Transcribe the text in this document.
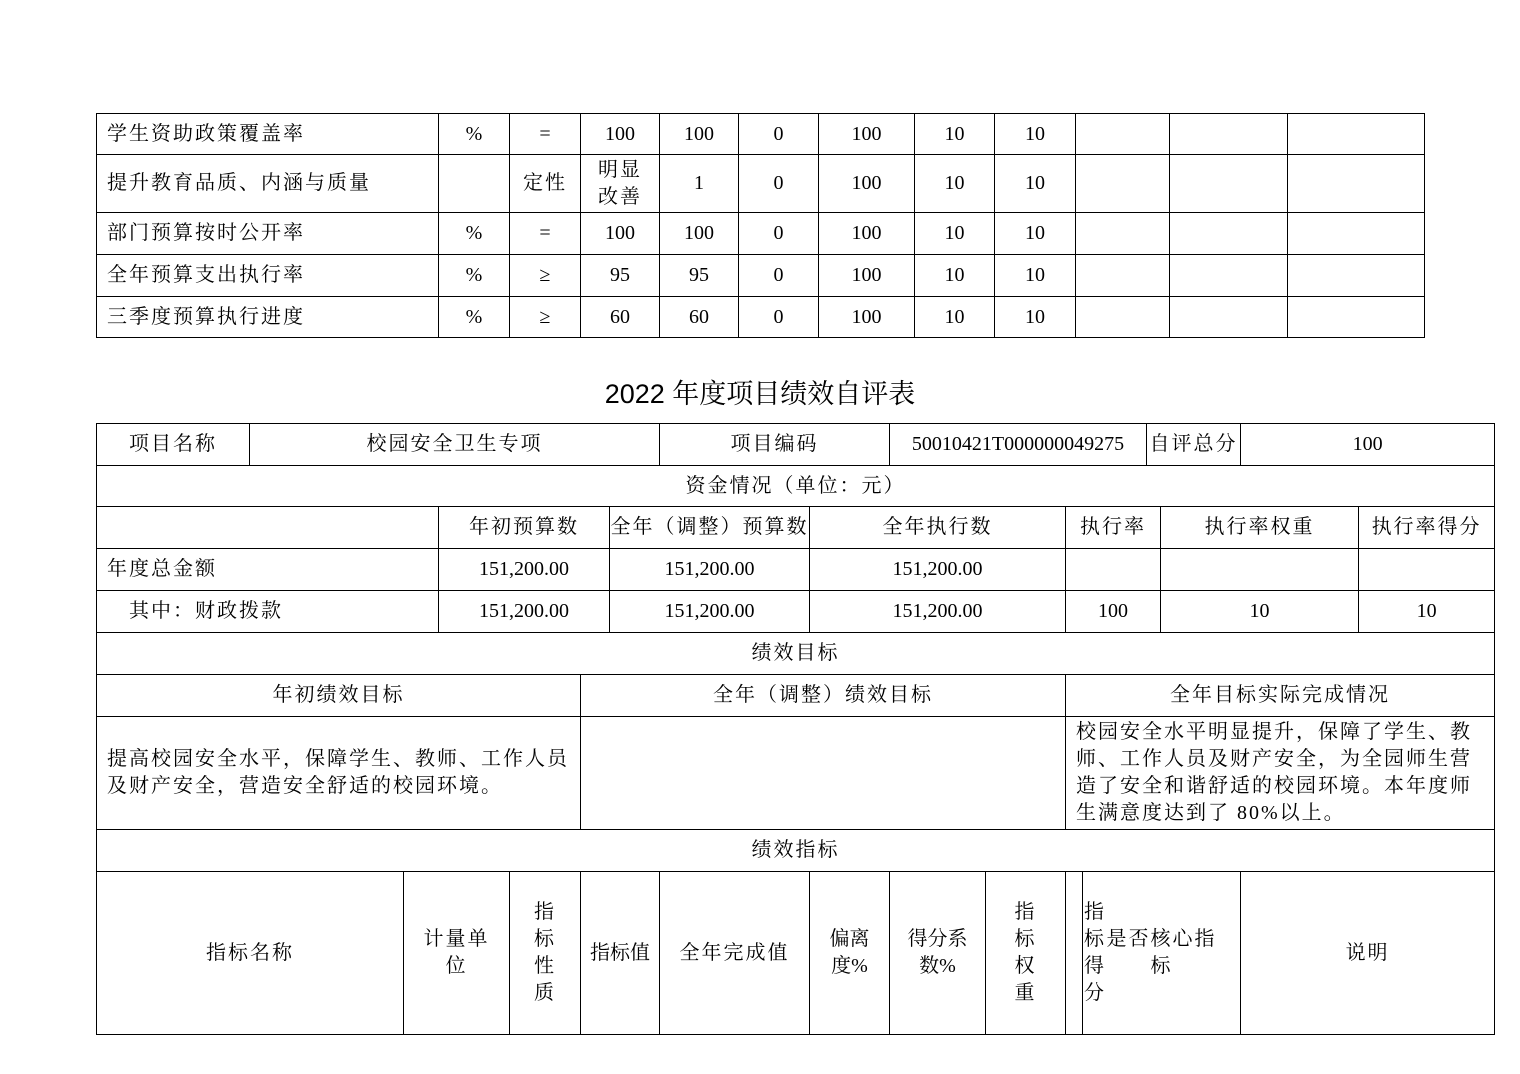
学生资助政策覆盖率	%	=	100	100	0	100	10	10			
提升教育品质、内涵与质量		定性	明显改善	1	0	100	10	10			
部门预算按时公开率	%	=	100	100	0	100	10	10			
全年预算支出执行率	%	≥	95	95	0	100	10	10			
三季度预算执行进度	%	≥	60	60	0	100	10	10			
2022 年度项目绩效自评表
项目名称	校园安全卫生专项						项目编码		50010421T000000049275				自评总分		100		
资金情况（单位：元）																	
			年初预算数			全年（调整）预算数		全年执行数			执行率			执行率权重		执行率得分	
年度总金额			151,200.00			151,200.00		151,200.00									
其中：财政拨款			151,200.00			151,200.00		151,200.00			100			10		10	
绩效目标																	
年初绩效目标					全年（调整）绩效目标						全年目标实际完成情况						
提高校园安全水平，保障学生、教师、工作人员及财产安全，营造安全舒适的校园环境。											校园安全水平明显提升，保障了学生、教师、工作人员及财产安全，为全园师生营造了安全和谐舒适的校园环境。本年度师生满意度达到了 80%以上。						
绩效指标																	
指标名称		计量单位		指标性质	指标值		全年完成值	偏离度%	得分系数%	指标权重	指标得分	是否核心指标			说明	
